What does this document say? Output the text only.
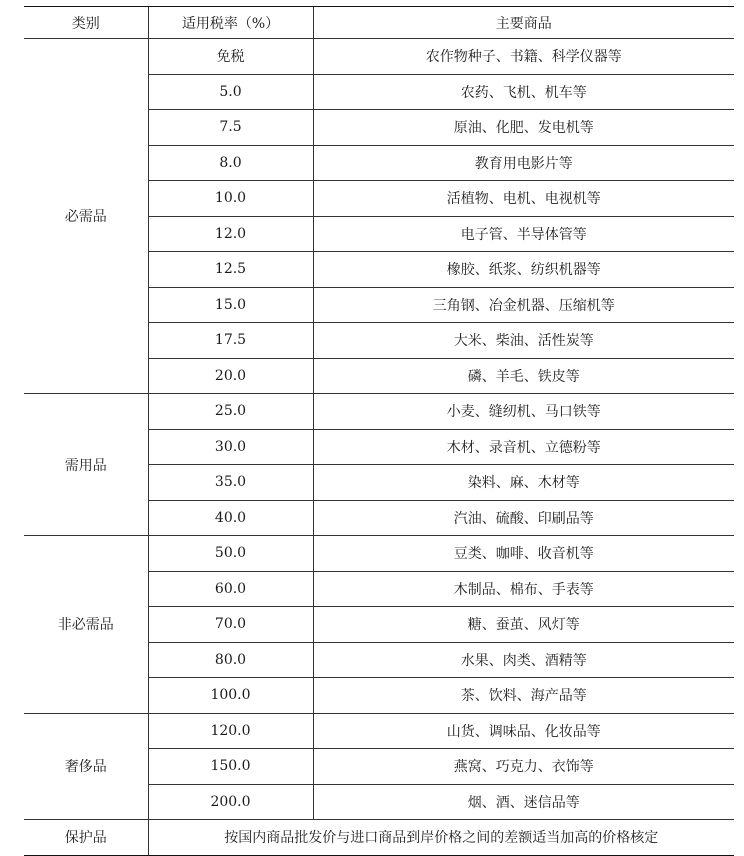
类别	适用税率（%）	主要商品
必需品	免税	农作物种子、书籍、科学仪器等
	5.0	农药、飞机、机车等
	7.5	原油、化肥、发电机等
	8.0	教育用电影片等
	10.0	活植物、电机、电视机等
	12.0	电子管、半导体管等
	12.5	橡胶、纸浆、纺织机器等
	15.0	三角钢、冶金机器、压缩机等
	17.5	大米、柴油、活性炭等
	20.0	磷、羊毛、铁皮等
需用品	25.0	小麦、缝纫机、马口铁等
	30.0	木材、录音机、立德粉等
	35.0	染料、麻、木材等
	40.0	汽油、硫酸、印刷品等
非必需品	50.0	豆类、咖啡、收音机等
	60.0	木制品、棉布、手表等
	70.0	糖、蚕茧、风灯等
	80.0	水果、肉类、酒精等
	100.0	茶、饮料、海产品等
奢侈品	120.0	山货、调味品、化妆品等
	150.0	燕窝、巧克力、衣饰等
	200.0	烟、酒、迷信品等
保护品	按国内商品批发价与进口商品到岸价格之间的差额适当加高的价格核定	
